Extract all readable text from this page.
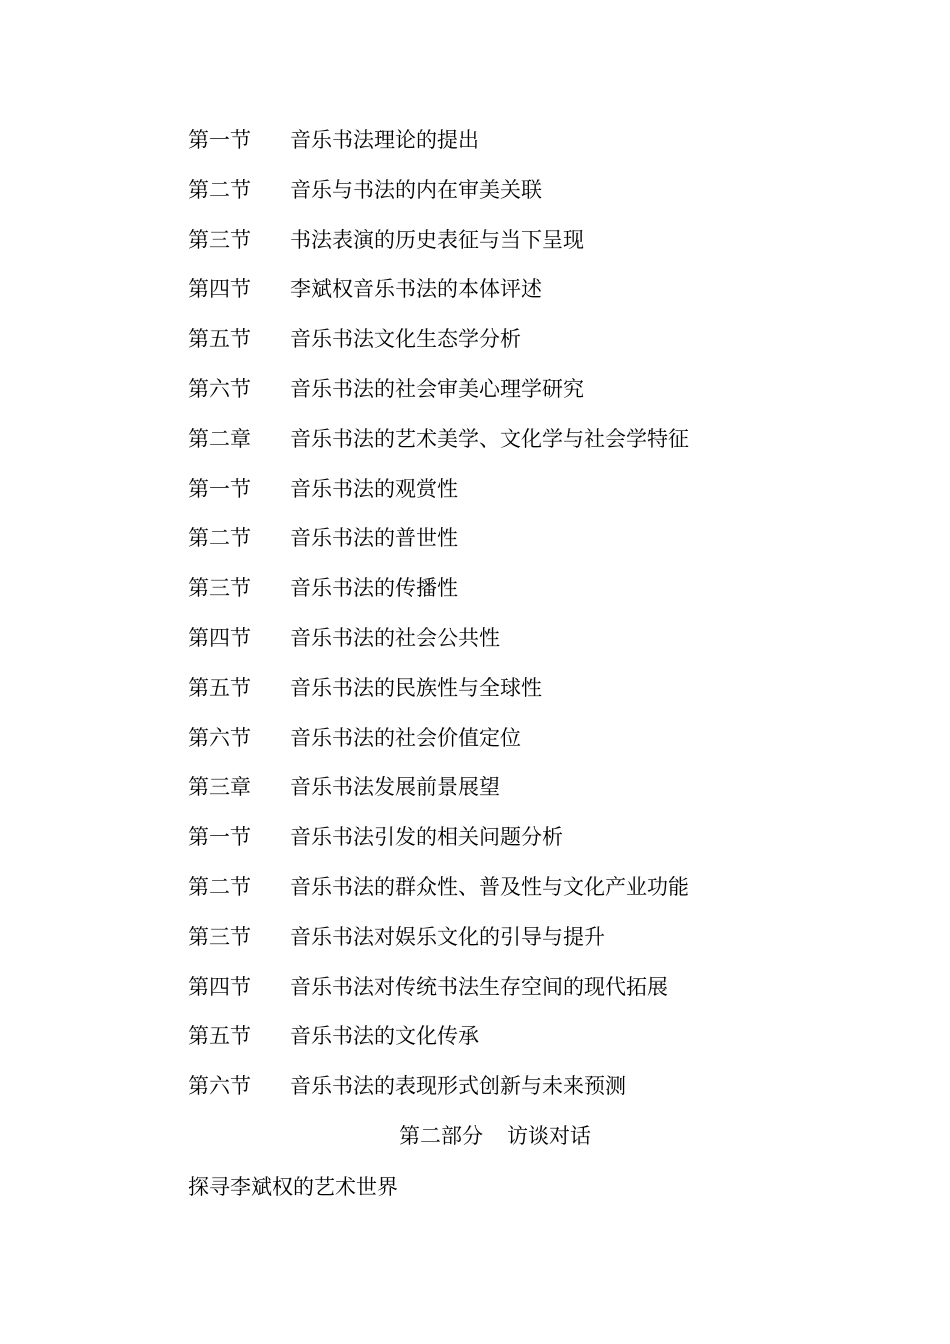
第一节 音乐书法理论的提出
第二节 音乐与书法的内在审美关联
第三节 书法表演的历史表征与当下呈现
第四节 李斌权音乐书法的本体评述
第五节 音乐书法文化生态学分析
第六节 音乐书法的社会审美心理学研究
第二章 音乐书法的艺术美学、文化学与社会学特征
第一节 音乐书法的观赏性
第二节 音乐书法的普世性
第三节 音乐书法的传播性
第四节 音乐书法的社会公共性
第五节 音乐书法的民族性与全球性
第六节 音乐书法的社会价值定位
第三章 音乐书法发展前景展望
第一节 音乐书法引发的相关问题分析
第二节 音乐书法的群众性、普及性与文化产业功能
第三节 音乐书法对娱乐文化的引导与提升
第四节 音乐书法对传统书法生存空间的现代拓展
第五节 音乐书法的文化传承
第六节 音乐书法的表现形式创新与未来预测
第二部分 访谈对话
探寻李斌权的艺术世界
